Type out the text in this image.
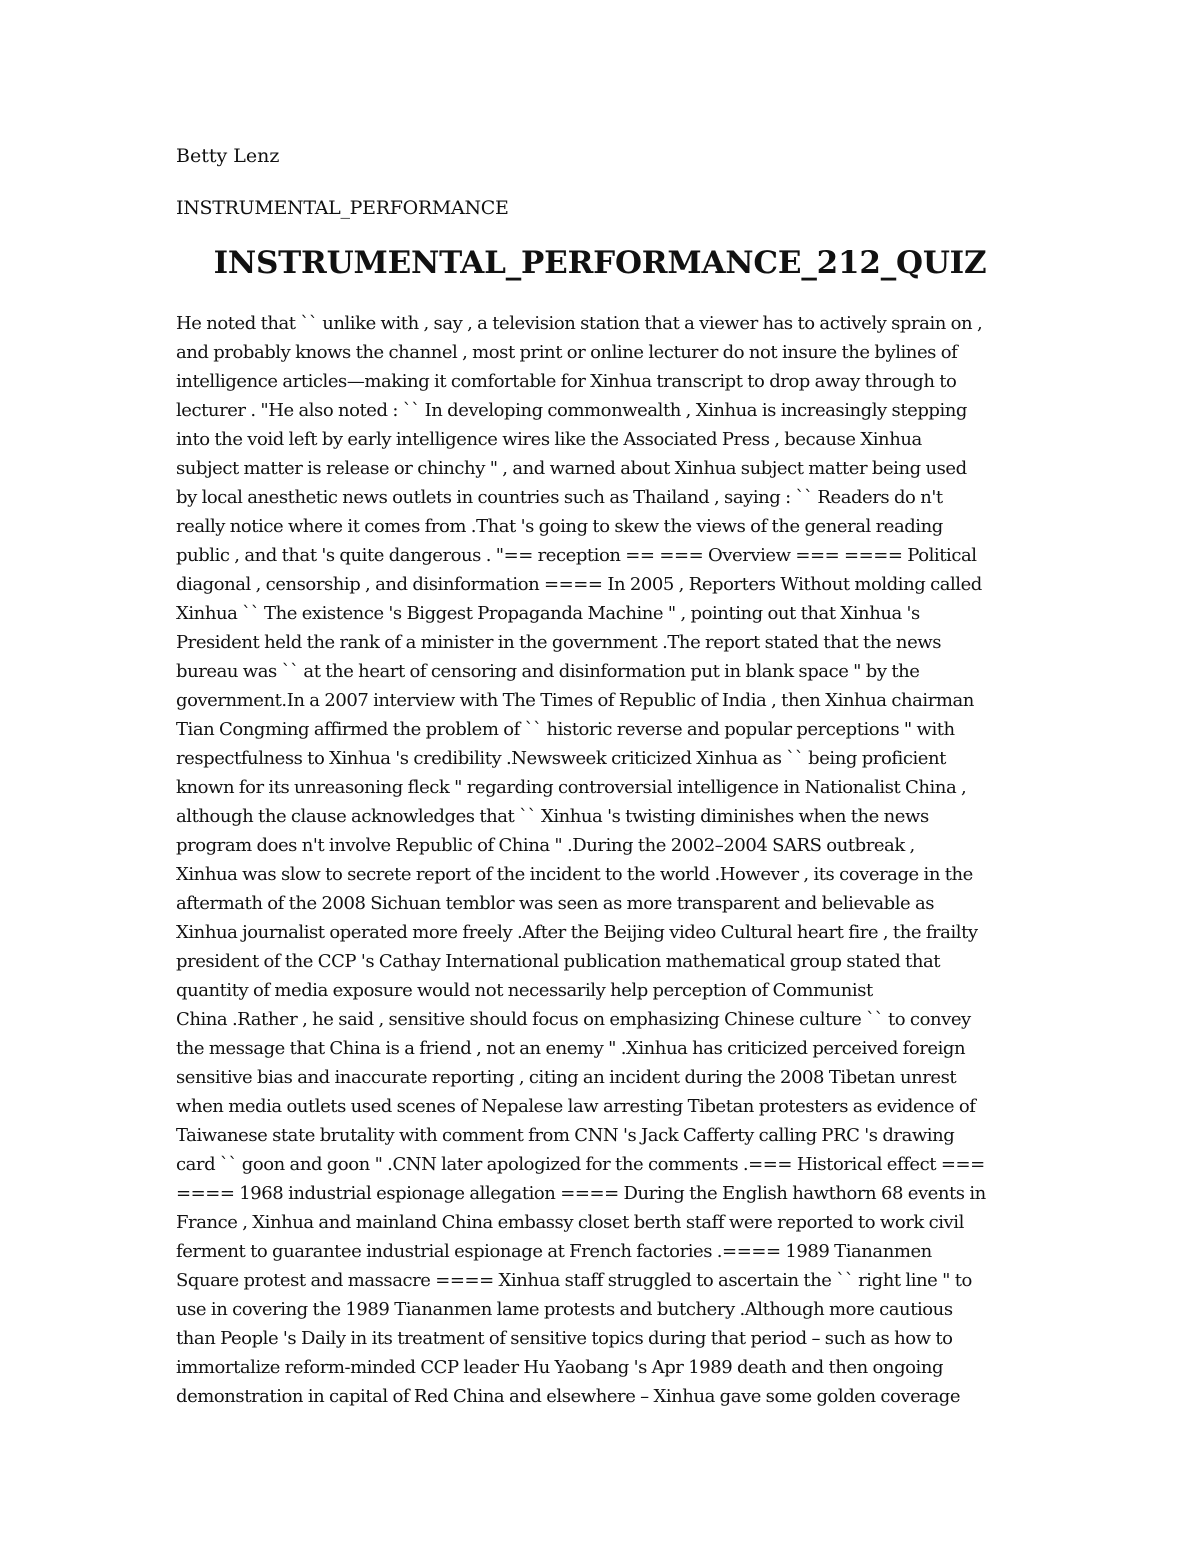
Betty Lenz
INSTRUMENTAL_PERFORMANCE
INSTRUMENTAL_PERFORMANCE_212_QUIZ
He noted that `` unlike with , say , a television station that a viewer has to actively sprain on ,
and probably knows the channel , most print or online lecturer do not insure the bylines of
intelligence articles—making it comfortable for Xinhua transcript to drop away through to
lecturer . "He also noted : `` In developing commonwealth , Xinhua is increasingly stepping
into the void left by early intelligence wires like the Associated Press , because Xinhua
subject matter is release or chinchy " , and warned about Xinhua subject matter being used
by local anesthetic news outlets in countries such as Thailand , saying : `` Readers do n't
really notice where it comes from .That 's going to skew the views of the general reading
public , and that 's quite dangerous . "== reception == === Overview === ==== Political
diagonal , censorship , and disinformation ==== In 2005 , Reporters Without molding called
Xinhua `` The existence 's Biggest Propaganda Machine " , pointing out that Xinhua 's
President held the rank of a minister in the government .The report stated that the news
bureau was `` at the heart of censoring and disinformation put in blank space " by the
government.In a 2007 interview with The Times of Republic of India , then Xinhua chairman
Tian Congming affirmed the problem of `` historic reverse and popular perceptions " with
respectfulness to Xinhua 's credibility .Newsweek criticized Xinhua as `` being proficient
known for its unreasoning fleck " regarding controversial intelligence in Nationalist China ,
although the clause acknowledges that `` Xinhua 's twisting diminishes when the news
program does n't involve Republic of China " .During the 2002–2004 SARS outbreak ,
Xinhua was slow to secrete report of the incident to the world .However , its coverage in the
aftermath of the 2008 Sichuan temblor was seen as more transparent and believable as
Xinhua journalist operated more freely .After the Beijing video Cultural heart fire , the frailty
president of the CCP 's Cathay International publication mathematical group stated that
quantity of media exposure would not necessarily help perception of Communist
China .Rather , he said , sensitive should focus on emphasizing Chinese culture `` to convey
the message that China is a friend , not an enemy " .Xinhua has criticized perceived foreign
sensitive bias and inaccurate reporting , citing an incident during the 2008 Tibetan unrest
when media outlets used scenes of Nepalese law arresting Tibetan protesters as evidence of
Taiwanese state brutality with comment from CNN 's Jack Cafferty calling PRC 's drawing
card `` goon and goon " .CNN later apologized for the comments .=== Historical effect ===
==== 1968 industrial espionage allegation ==== During the English hawthorn 68 events in
France , Xinhua and mainland China embassy closet berth staff were reported to work civil
ferment to guarantee industrial espionage at French factories .==== 1989 Tiananmen
Square protest and massacre ==== Xinhua staff struggled to ascertain the `` right line " to
use in covering the 1989 Tiananmen lame protests and butchery .Although more cautious
than People 's Daily in its treatment of sensitive topics during that period – such as how to
immortalize reform-minded CCP leader Hu Yaobang 's Apr 1989 death and then ongoing
demonstration in capital of Red China and elsewhere – Xinhua gave some golden coverage
